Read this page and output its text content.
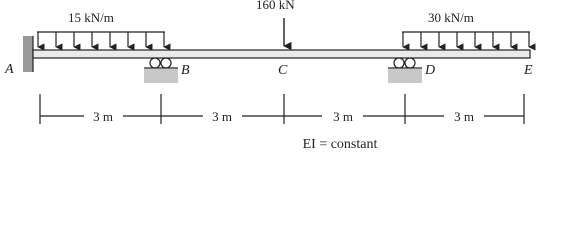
15 kN/m
160 kN
30 kN/m
A	B	C	D	E
3 m	3 m	3 m	3 m
EI = constant
